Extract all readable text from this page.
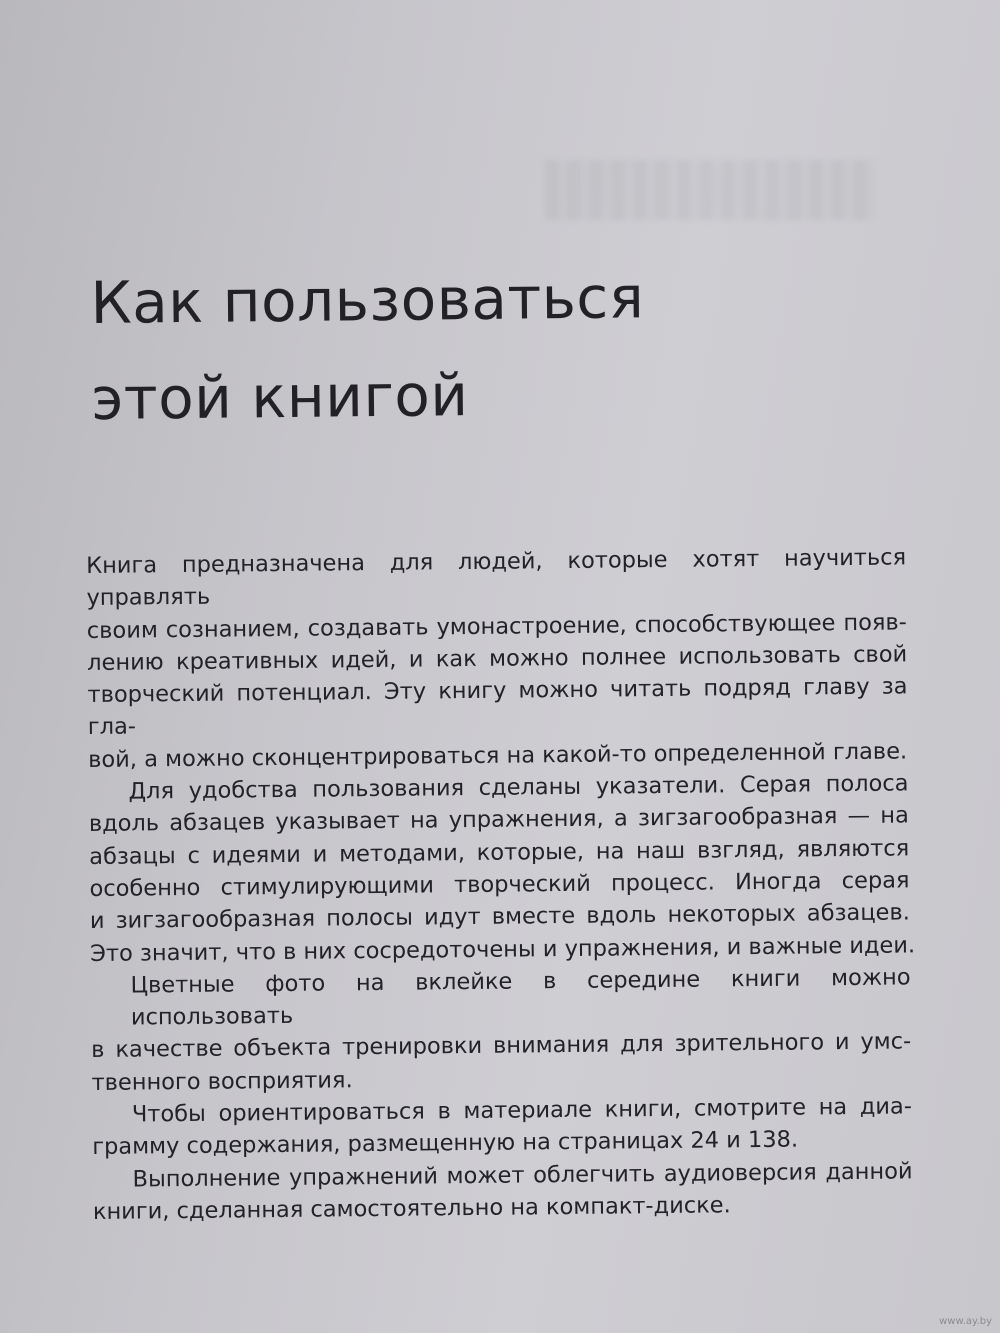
Как пользоваться
этой книгой

Книга предназначена для людей, которые хотят научиться управлять
своим сознанием, создавать умонастроение, способствующее появ-
лению креативных идей, и как можно полнее использовать свой
творческий потенциал. Эту книгу можно читать подряд главу за гла-
вой, а можно сконцентрироваться на какой-то определенной главе.

Для удобства пользования сделаны указатели. Серая полоса
вдоль абзацев указывает на упражнения, а зигзагообразная — на
абзацы с идеями и методами, которые, на наш взгляд, являются
особенно стимулирующими творческий процесс. Иногда серая
и зигзагообразная полосы идут вместе вдоль некоторых абзацев.
Это значит, что в них сосредоточены и упражнения, и важные идеи.

Цветные фото на вклейке в середине книги можно использовать
в качестве объекта тренировки внимания для зрительного и умс-
твенного восприятия.

Чтобы ориентироваться в материале книги, смотрите на диа-
грамму содержания, размещенную на страницах 24 и 138.

Выполнение упражнений может облегчить аудиоверсия данной
книги, сделанная самостоятельно на компакт-диске.

www.ay.by
